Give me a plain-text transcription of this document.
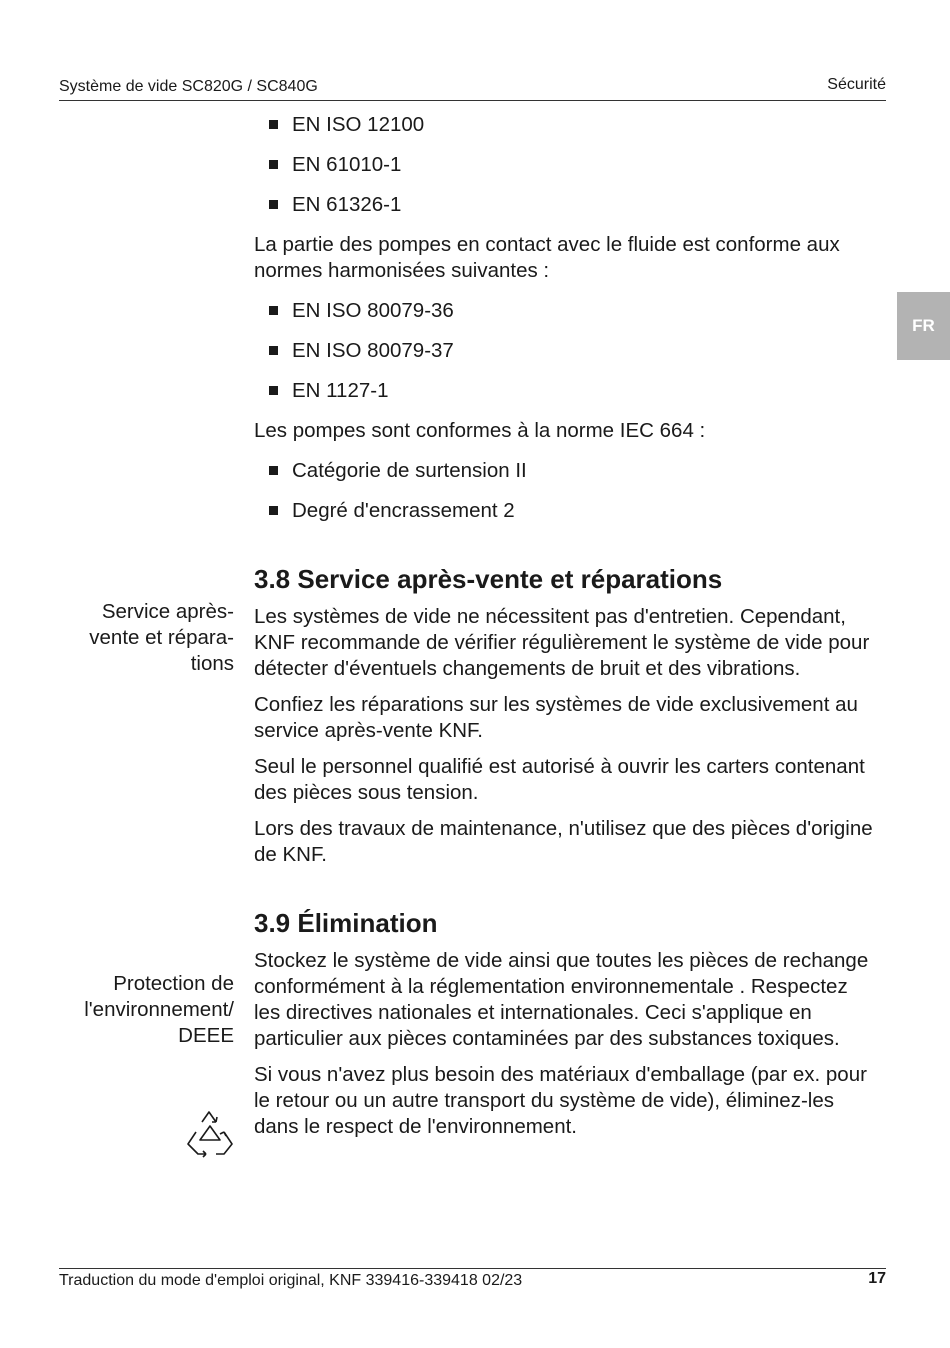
Système de vide SC820G / SC840G	Sécurité
FR
EN ISO 12100
EN 61010-1
EN 61326-1

La partie des pompes en contact avec le fluide est conforme aux normes harmonisées suivantes :

EN ISO 80079-36
EN ISO 80079-37
EN 1127-1

Les pompes sont conformes à la norme IEC 664 :

Catégorie de surtension II
Degré d'encrassement 2
3.8 Service après-vente et réparations

Les systèmes de vide ne nécessitent pas d'entretien. Cependant, KNF recommande de vérifier régulièrement le système de vide pour détecter d'éventuels changements de bruit et des vibrations.

Confiez les réparations sur les systèmes de vide exclusivement au service après-vente KNF.

Seul le personnel qualifié est autorisé à ouvrir les carters contenant des pièces sous tension.

Lors des travaux de maintenance, n'utilisez que des pièces d'origine de KNF.

3.9 Élimination

Stockez le système de vide ainsi que toutes les pièces de rechange conformément à la réglementation environnementale . Respectez les directives nationales et internationales. Ceci s'applique en particulier aux pièces contaminées par des substances toxiques.

Si vous n'avez plus besoin des matériaux d'emballage (par ex. pour le retour ou un autre transport du système de vide), éliminez-les dans le respect de l'environnement.

Service après-
vente et répara-
tions
Protection de
l'environnement/
DEEE
Traduction du mode d'emploi original, KNF 339416-339418 02/23	17
